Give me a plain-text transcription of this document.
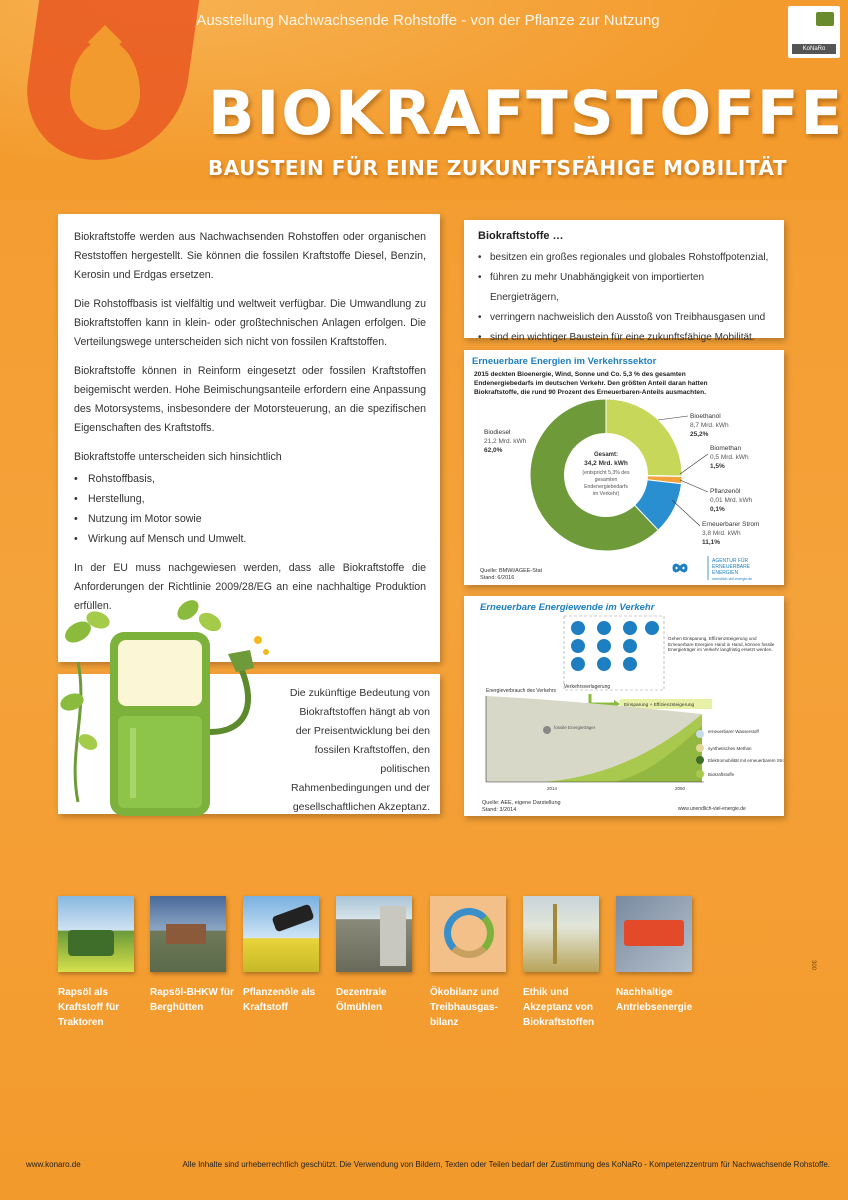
Ausstellung Nachwachsende Rohstoffe - von der Pflanze zur Nutzung
KoNaRo
BIOKRAFTSTOFFE
BAUSTEIN FÜR EINE ZUKUNFTSFÄHIGE MOBILITÄT

Biokraftstoffe werden aus Nachwachsenden Rohstoffen oder organischen Reststoffen hergestellt. Sie können die fossilen Kraftstoffe Diesel, Benzin, Kerosin und Erdgas ersetzen.

Die Rohstoffbasis ist vielfältig und weltweit verfügbar. Die Umwandlung zu Biokraftstoffen kann in klein- oder großtechnischen Anlagen erfolgen. Die Verteilungswege unterscheiden sich nicht von fossilen Kraftstoffen.

Biokraftstoffe können in Reinform eingesetzt oder fossilen Kraftstoffen beigemischt werden. Hohe Beimischungsanteile erfordern eine Anpassung des Motorsystems, insbesondere der Motorsteuerung, an die spezifischen Eigenschaften des Kraftstoffs.

Biokraftstoffe unterscheiden sich hinsichtlich

• Rohstoffbasis,
• Herstellung,
• Nutzung im Motor sowie
• Wirkung auf Mensch und Umwelt.

In der EU muss nachgewiesen werden, dass alle Biokraftstoffe die Anforderungen der Richtlinie 2009/28/EG an eine nachhaltige Produktion erfüllen.

Die zukünftige Bedeutung von Biokraftstoffen hängt ab von der Preisentwicklung bei den fossilen Kraftstoffen, den politischen Rahmenbedingungen und der gesellschaftlichen Akzeptanz.
Biokraftstoffe …
• besitzen ein großes regionales und globales Rohstoffpotenzial,
• führen zu mehr Unabhängigkeit von importierten Energieträgern,
• verringern nachweislich den Ausstoß von Treibhausgasen und
• sind ein wichtiger Baustein für eine zukunftsfähige Mobilität.
Erneuerbare Energien im Verkehrssektor
2015 deckten Bioenergie, Wind, Sonne und Co. 5,3 % des gesamten
Endenergiebedarfs im deutschen Verkehr. Den größten Anteil daran hatten
Biokraftstoffe, die rund 90 Prozent des Erneuerbaren-Anteils ausmachten.
Gesamt:
34,2 Mrd. kWh
(entspricht 5,3% des
gesamten
Endenergiebedarfs
im Verkehr)
Biodiesel
21,2 Mrd. kWh
62,0%
Bioethanol
8,7 Mrd. kWh
25,2%
Biomethan
0,5 Mrd. kWh
1,5%
Pflanzenöl
0,01 Mrd. kWh
0,1%
Erneuerbarer Strom
3,8 Mrd. kWh
11,1%
Quelle: BMWi/AGEE-Stat
Stand: 6/2016
AGENTUR FÜR
ERNEUERBARE
ENERGIEN
unendlich-viel-energie.de
Erneuerbare Energiewende im Verkehr
Gehen Einsparung, Effizienzsteigerung und Erneuerbare Energien Hand in Hand, können fossile Energieträger im Verkehr langfristig ersetzt werden.
Verkehrsverlagerung
Einsparung + Effizienzsteigerung
Energieverbrauch des Verkehrs
fossile Energieträger
2014	2050
erneuerbarer Wasserstoff
synthetisches Methan
Elektromobilität mit erneuerbarem Strom
Biokraftstoffe
Quelle: AEE, eigene Darstellung
Stand: 3/2014	www.unendlich-viel-energie.de
Rapsöl als Kraftstoff für Traktoren
Rapsöl-BHKW für Berghütten
Pflanzenöle als Kraftstoff
Dezentrale Ölmühlen
Ökobilanz und Treibhausgas-bilanz
Ethik und Akzeptanz von Biokraftstoffen
Nachhaltige Antriebsenergie
300
www.konaro.de	Alle Inhalte sind urheberrechtlich geschützt. Die Verwendung von Bildern, Texten oder Teilen bedarf der Zustimmung des KoNaRo - Kompetenzzentrum für Nachwachsende Rohstoffe.
